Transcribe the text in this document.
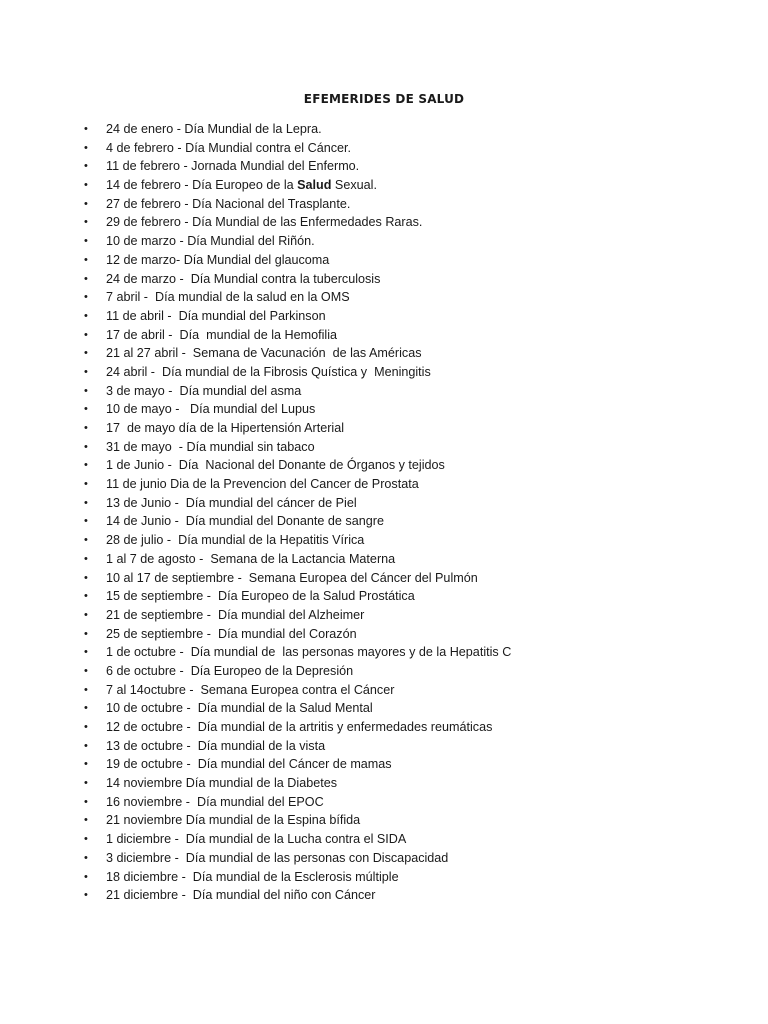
EFEMERIDES DE SALUD
• 24 de enero - Día Mundial de la Lepra.
• 4 de febrero - Día Mundial contra el Cáncer.
• 11 de febrero - Jornada Mundial del Enfermo.
• 14 de febrero - Día Europeo de la Salud Sexual.
• 27 de febrero - Día Nacional del Trasplante.
• 29 de febrero - Día Mundial de las Enfermedades Raras.
• 10 de marzo - Día Mundial del Riñón.
• 12 de marzo- Día Mundial del glaucoma
• 24 de marzo -  Día Mundial contra la tuberculosis
• 7 abril -  Día mundial de la salud en la OMS
• 11 de abril -  Día mundial del Parkinson
• 17 de abril -  Día  mundial de la Hemofilia
• 21 al 27 abril -  Semana de Vacunación  de las Américas
• 24 abril -  Día mundial de la Fibrosis Quística y  Meningitis
• 3 de mayo -  Día mundial del asma
• 10 de mayo -   Día mundial del Lupus
• 17  de mayo día de la Hipertensión Arterial
• 31 de mayo  - Día mundial sin tabaco
• 1 de Junio -  Día  Nacional del Donante de Órganos y tejidos
• 11 de junio Dia de la Prevencion del Cancer de Prostata
• 13 de Junio -  Día mundial del cáncer de Piel
• 14 de Junio -  Día mundial del Donante de sangre
• 28 de julio -  Día mundial de la Hepatitis Vírica
• 1 al 7 de agosto -  Semana de la Lactancia Materna
• 10 al 17 de septiembre -  Semana Europea del Cáncer del Pulmón
• 15 de septiembre -  Día Europeo de la Salud Prostática
• 21 de septiembre -  Día mundial del Alzheimer
• 25 de septiembre -  Día mundial del Corazón
• 1 de octubre -  Día mundial de  las personas mayores y de la Hepatitis C
• 6 de octubre -  Día Europeo de la Depresión
• 7 al 14octubre -  Semana Europea contra el Cáncer
• 10 de octubre -  Día mundial de la Salud Mental
• 12 de octubre -  Día mundial de la artritis y enfermedades reumáticas
• 13 de octubre -  Día mundial de la vista
• 19 de octubre -  Día mundial del Cáncer de mamas
• 14 noviembre Día mundial de la Diabetes
• 16 noviembre -  Día mundial del EPOC
• 21 noviembre Día mundial de la Espina bífida
• 1 diciembre -  Día mundial de la Lucha contra el SIDA
• 3 diciembre -  Día mundial de las personas con Discapacidad
• 18 diciembre -  Día mundial de la Esclerosis múltiple
• 21 diciembre -  Día mundial del niño con Cáncer
